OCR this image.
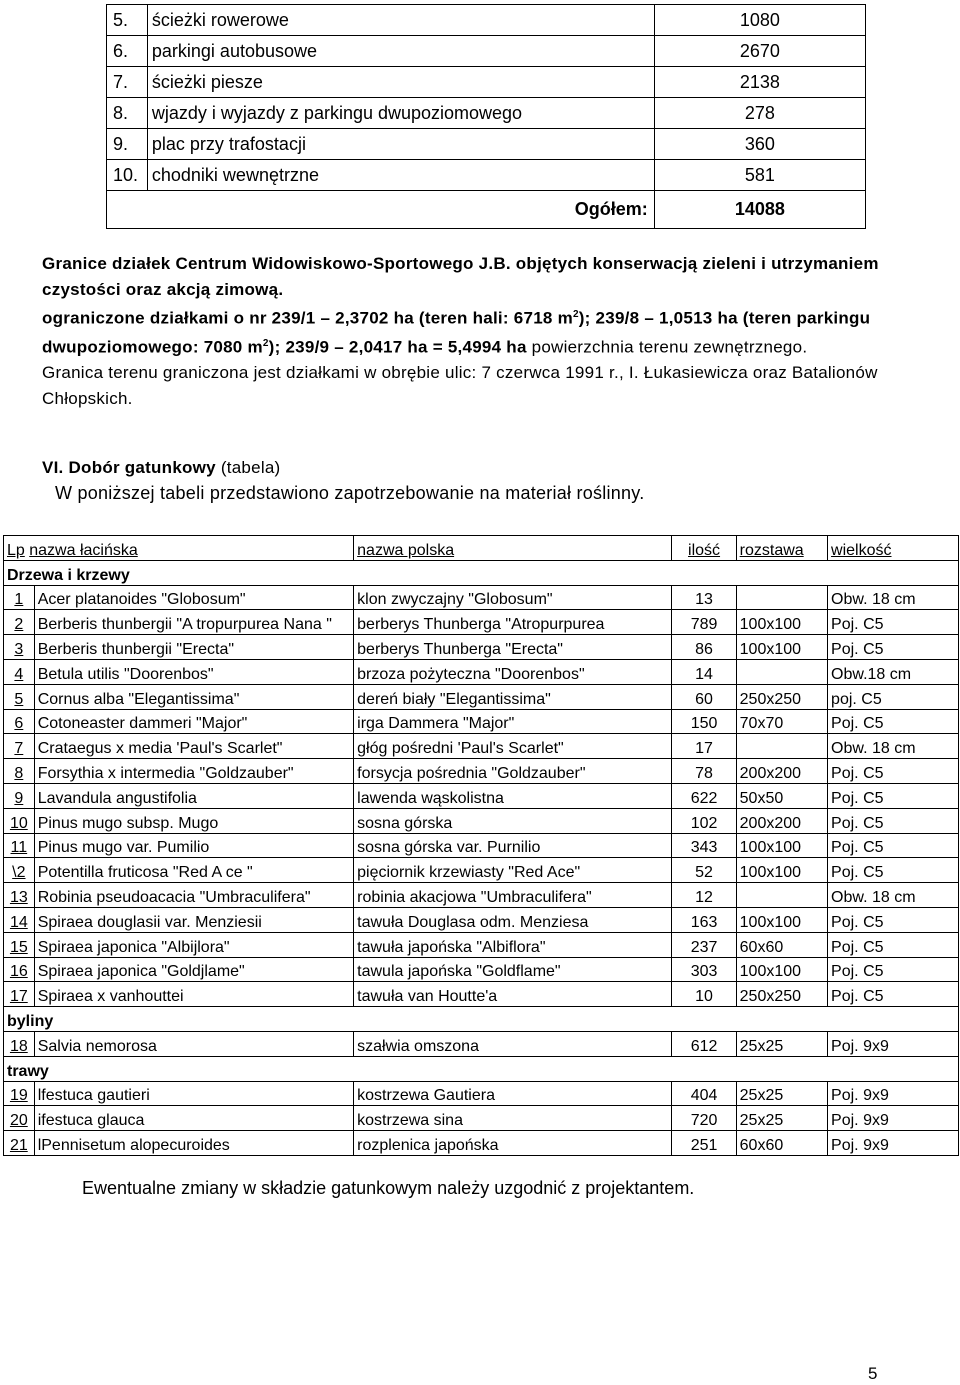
5.	ścieżki rowerowe	1080
6.	parkingi autobusowe	2670
7.	ścieżki piesze	2138
8.	wjazdy i wyjazdy z parkingu dwupoziomowego	278
9.	plac przy trafostacji	360
10.	chodniki wewnętrzne	581
Ogółem:		14088
Granice działek Centrum Widowiskowo-Sportowego J.B. objętych konserwacją zieleni i utrzymaniem czystości oraz akcją zimową.
ograniczone działkami o nr 239/1 – 2,3702 ha (teren hali: 6718 $m^2$); 239/8 – 1,0513 ha (teren parkingu dwupoziomowego: 7080 $m^2$); 239/9 – 2,0417 ha = 5,4994 ha powierzchnia terenu zewnętrznego.
Granica terenu graniczona jest działkami w obrębie ulic: 7 czerwca 1991 r., I. Łukasiewicza oraz Batalionów Chłopskich.
VI. Dobór gatunkowy (tabela)
W poniższej tabeli przedstawiono zapotrzebowanie na materiał roślinny.
Lp nazwa łacińska		nazwa polska	ilość	rozstawa	wielkość
Drzewa i krzewy					
1	Acer platanoides "Globosum"	klon zwyczajny "Globosum"	13		Obw. 18 cm
2	Berberis thunbergii "A tropurpurea Nana "	berberys Thunberga "Atropurpurea	789	100x100	Poj. C5
3	Berberis thunbergii "Erecta"	berberys Thunberga "Erecta"	86	100x100	Poj. C5
4	Betula utilis "Doorenbos"	brzoza pożyteczna "Doorenbos"	14		Obw.18 cm
5	Cornus alba "Elegantissima"	dereń biały "Elegantissima"	60	250x250	poj. C5
6	Cotoneaster dammeri "Major"	irga Dammera "Major"	150	70x70	Poj. C5
7	Crataegus x media 'Paul's Scarlet"	głóg pośredni 'Paul's Scarlet"	17		Obw. 18 cm
8	Forsythia x intermedia "Goldzauber"	forsycja pośrednia "Goldzauber"	78	200x200	Poj. C5
9	Lavandula angustifolia	lawenda wąskolistna	622	50x50	Poj. C5
10	Pinus mugo subsp. Mugo	sosna górska	102	200x200	Poj. C5
11	Pinus mugo var. Pumilio	sosna górska var. Purnilio	343	100x100	Poj. C5
\2	Potentilla fruticosa "Red A ce "	pięciornik krzewiasty "Red Ace"	52	100x100	Poj. C5
13	Robinia pseudoacacia "Umbraculifera"	robinia akacjowa "Umbraculifera"	12		Obw. 18 cm
14	Spiraea douglasii var. Menziesii	tawuła Douglasa odm. Menziesa	163	100x100	Poj. C5
15	Spiraea japonica "Albijlora"	tawuła japońska "Albiflora"	237	60x60	Poj. C5
16	Spiraea japonica "Goldjlame"	tawula japońska "Goldflame"	303	100x100	Poj. C5
17	Spiraea x vanhouttei	tawuła van Houtte'a	10	250x250	Poj. C5
byliny					
18	Salvia nemorosa	szałwia omszona	612	25x25	Poj. 9x9
trawy					
19	lfestuca gautieri	kostrzewa Gautiera	404	25x25	Poj. 9x9
20	ifestuca glauca	kostrzewa sina	720	25x25	Poj. 9x9
21	lPennisetum alopecuroides	rozplenica japońska	251	60x60	Poj. 9x9
Ewentualne zmiany w składzie gatunkowym należy uzgodnić z projektantem.
5
